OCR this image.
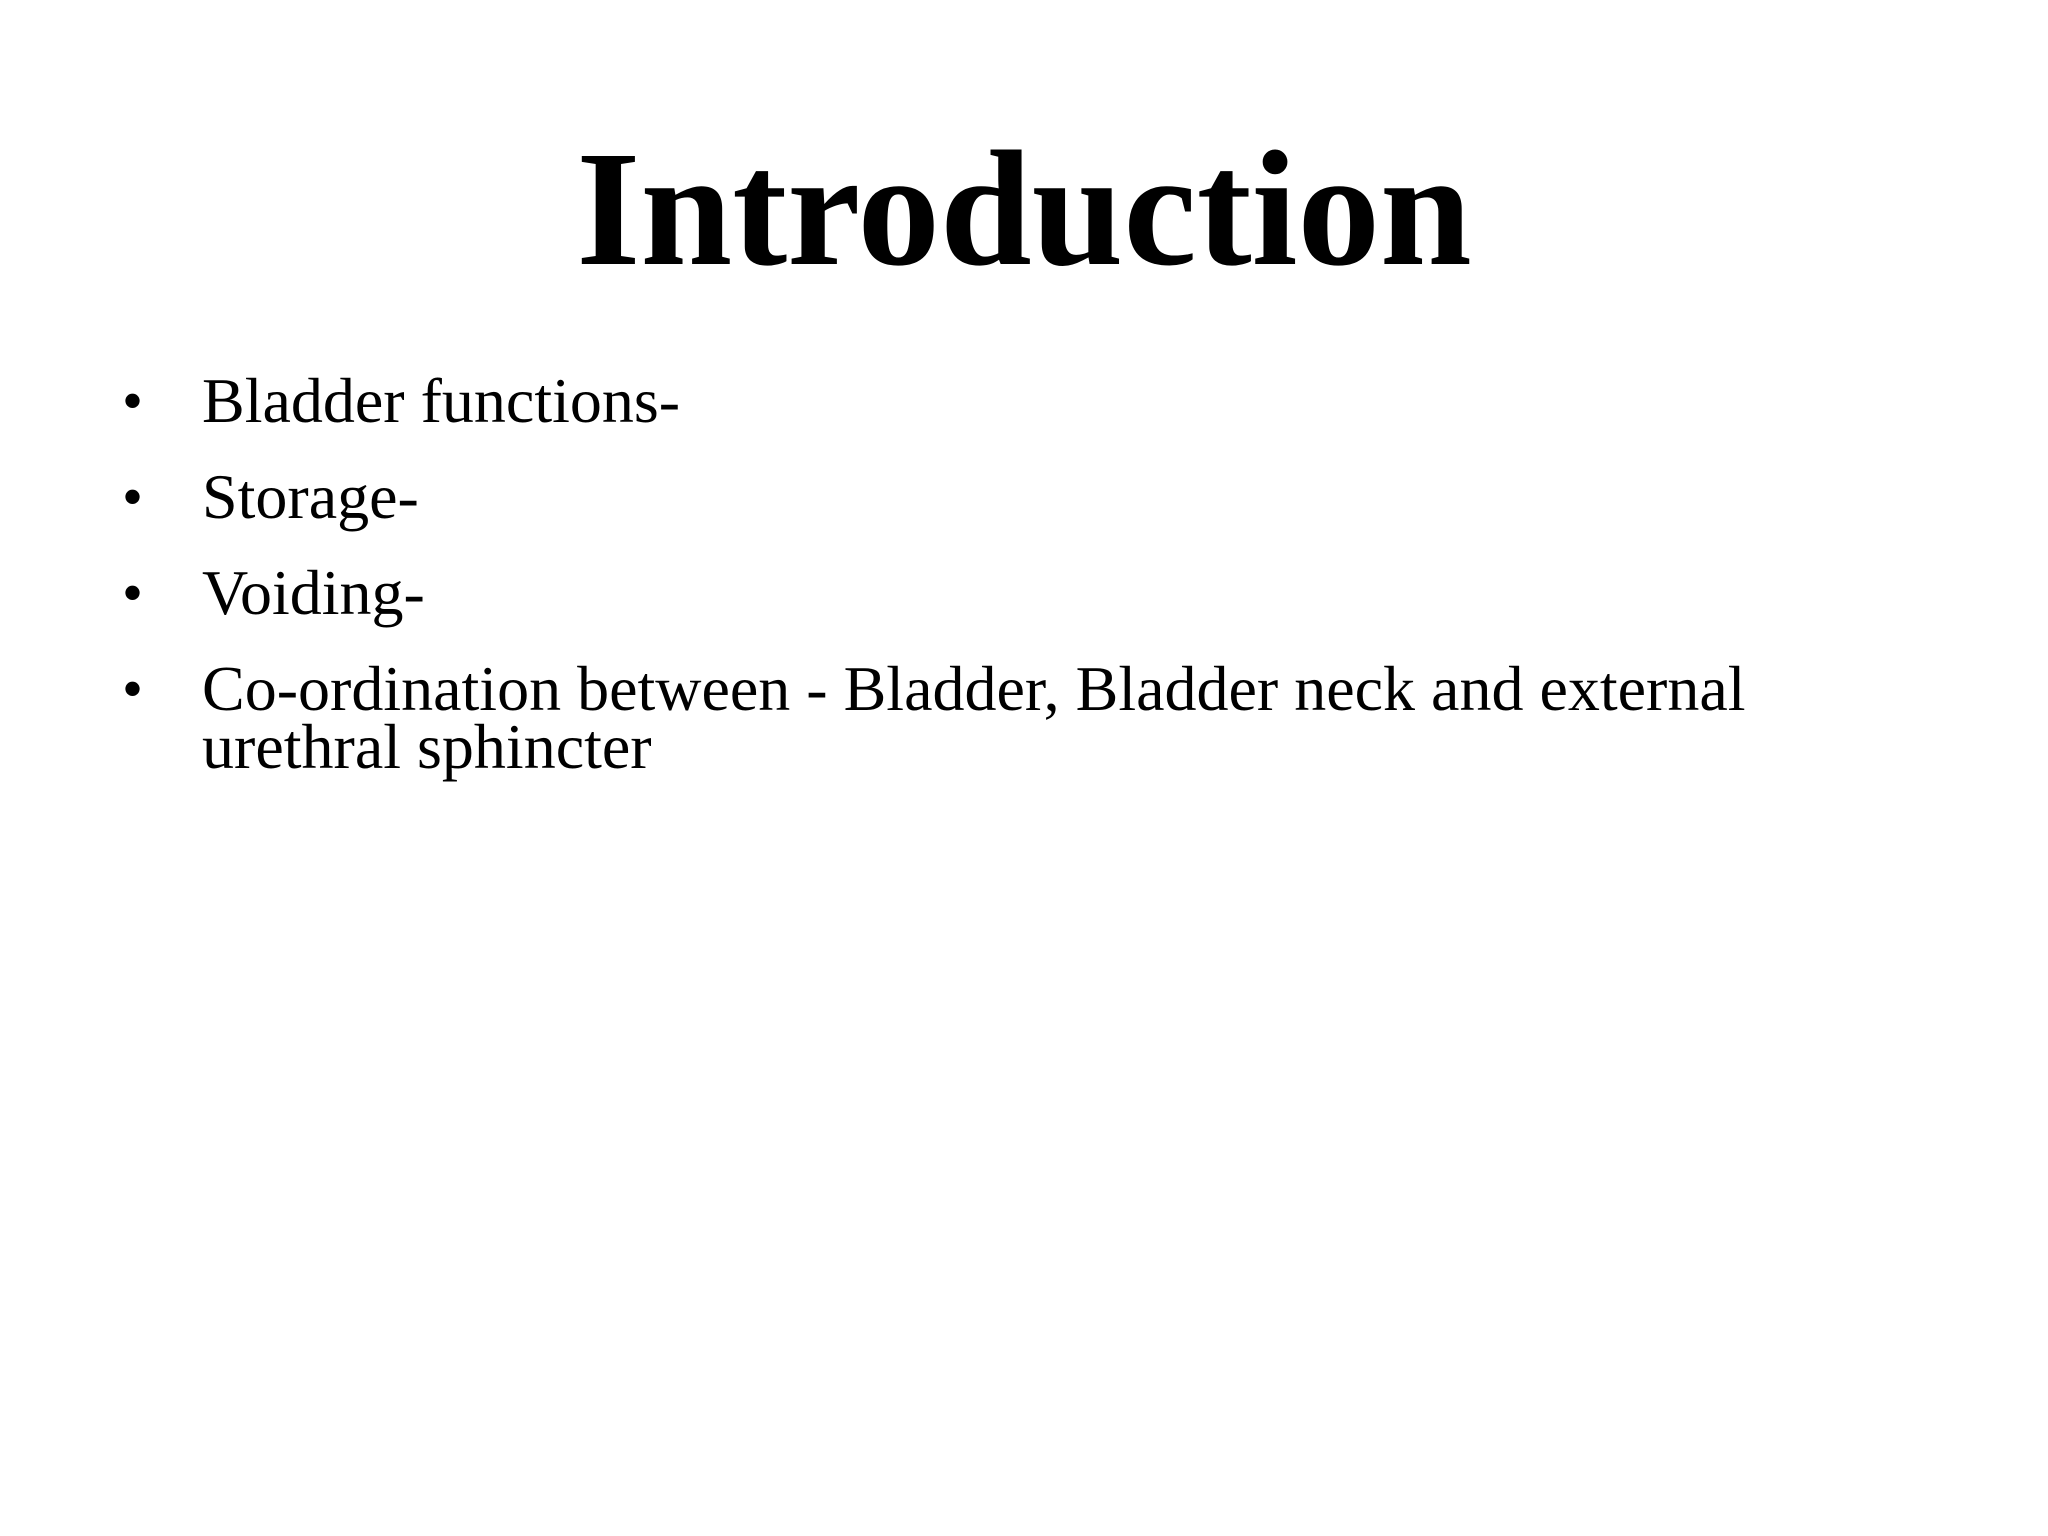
Introduction
• Bladder functions-
• Storage-
• Voiding-
• Co-ordination between - Bladder, Bladder neck and external urethral sphincter
